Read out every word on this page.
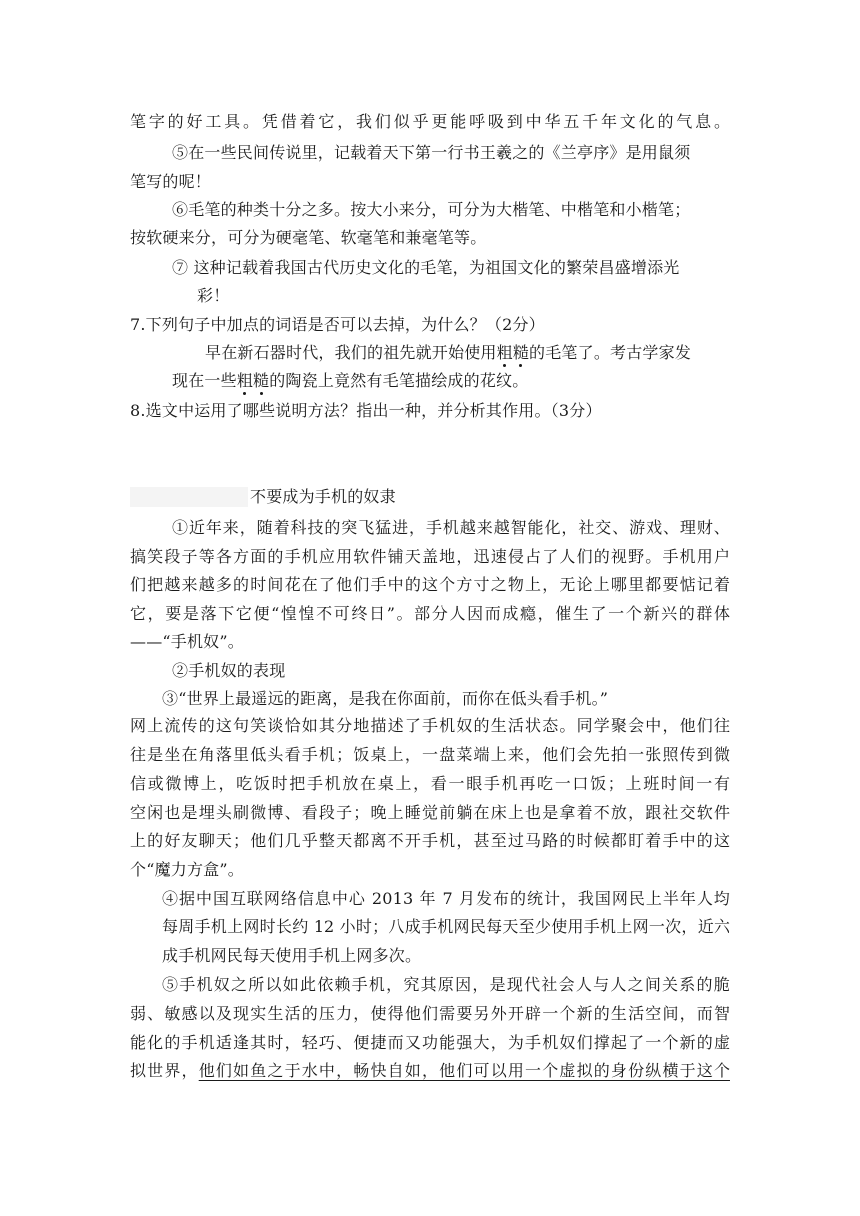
笔字的好工具。凭借着它，我们似乎更能呼吸到中华五千年文化的气息。
⑤在一些民间传说里，记载着天下第一行书王羲之的《兰亭序》是用鼠须
笔写的呢！
⑥毛笔的种类十分之多。按大小来分，可分为大楷笔、中楷笔和小楷笔；
按软硬来分，可分为硬毫笔、软毫笔和兼毫笔等。
⑦ 这种记载着我国古代历史文化的毛笔，为祖国文化的繁荣昌盛增添光
彩！
7.下列句子中加点的词语是否可以去掉，为什么？（2分）
早在新石器时代，我们的祖先就开始使用粗糙的毛笔了。考古学家发
现在一些粗糙的陶瓷上竟然有毛笔描绘成的花纹。
8.选文中运用了哪些说明方法？指出一种，并分析其作用。（3分）
不要成为手机的奴隶
①近年来，随着科技的突飞猛进，手机越来越智能化，社交、游戏、理财、
搞笑段子等各方面的手机应用软件铺天盖地，迅速侵占了人们的视野。手机用户
们把越来越多的时间花在了他们手中的这个方寸之物上，无论上哪里都要惦记着
它，要是落下它便“惶惶不可终日”。部分人因而成瘾，催生了一个新兴的群体
——“手机奴”。
②手机奴的表现
③“世界上最遥远的距离，是我在你面前，而你在低头看手机。”
网上流传的这句笑谈恰如其分地描述了手机奴的生活状态。同学聚会中，他们往
往是坐在角落里低头看手机；饭桌上，一盘菜端上来，他们会先拍一张照传到微
信或微博上，吃饭时把手机放在桌上，看一眼手机再吃一口饭；上班时间一有
空闲也是埋头刷微博、看段子；晚上睡觉前躺在床上也是拿着不放，跟社交软件
上的好友聊天；他们几乎整天都离不开手机，甚至过马路的时候都盯着手中的这
个“魔力方盒”。
④据中国互联网络信息中心 2013 年 7 月发布的统计，我国网民上半年人均
每周手机上网时长约 12 小时；八成手机网民每天至少使用手机上网一次，近六
成手机网民每天使用手机上网多次。
⑤手机奴之所以如此依赖手机，究其原因，是现代社会人与人之间关系的脆
弱、敏感以及现实生活的压力，使得他们需要另外开辟一个新的生活空间，而智
能化的手机适逢其时，轻巧、便捷而又功能强大，为手机奴们撑起了一个新的虚
拟世界，他们如鱼之于水中，畅快自如，他们可以用一个虚拟的身份纵横于这个
